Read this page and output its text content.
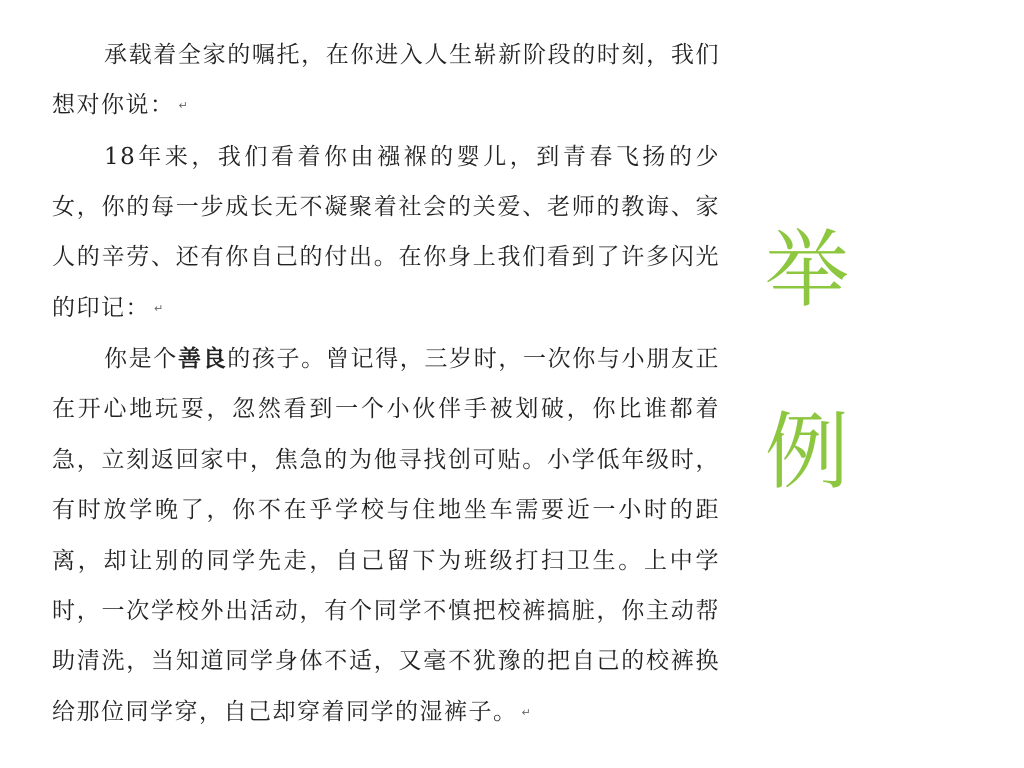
承载着全家的嘱托，在你进入人生崭新阶段的时刻，我们想对你说： ↵

18年来，我们看着你由襁褓的婴儿，到青春飞扬的少女，你的每一步成长无不凝聚着社会的关爱、老师的教诲、家人的辛劳、还有你自己的付出。在你身上我们看到了许多闪光的印记： ↵

你是个善良的孩子。曾记得，三岁时，一次你与小朋友正在开心地玩耍，忽然看到一个小伙伴手被划破，你比谁都着急，立刻返回家中，焦急的为他寻找创可贴。小学低年级时，有时放学晚了，你不在乎学校与住地坐车需要近一小时的距离，却让别的同学先走，自己留下为班级打扫卫生。上中学时，一次学校外出活动，有个同学不慎把校裤搞脏，你主动帮助清洗，当知道同学身体不适，又毫不犹豫的把自己的校裤换给那位同学穿，自己却穿着同学的湿裤子。 ↵

举
例
